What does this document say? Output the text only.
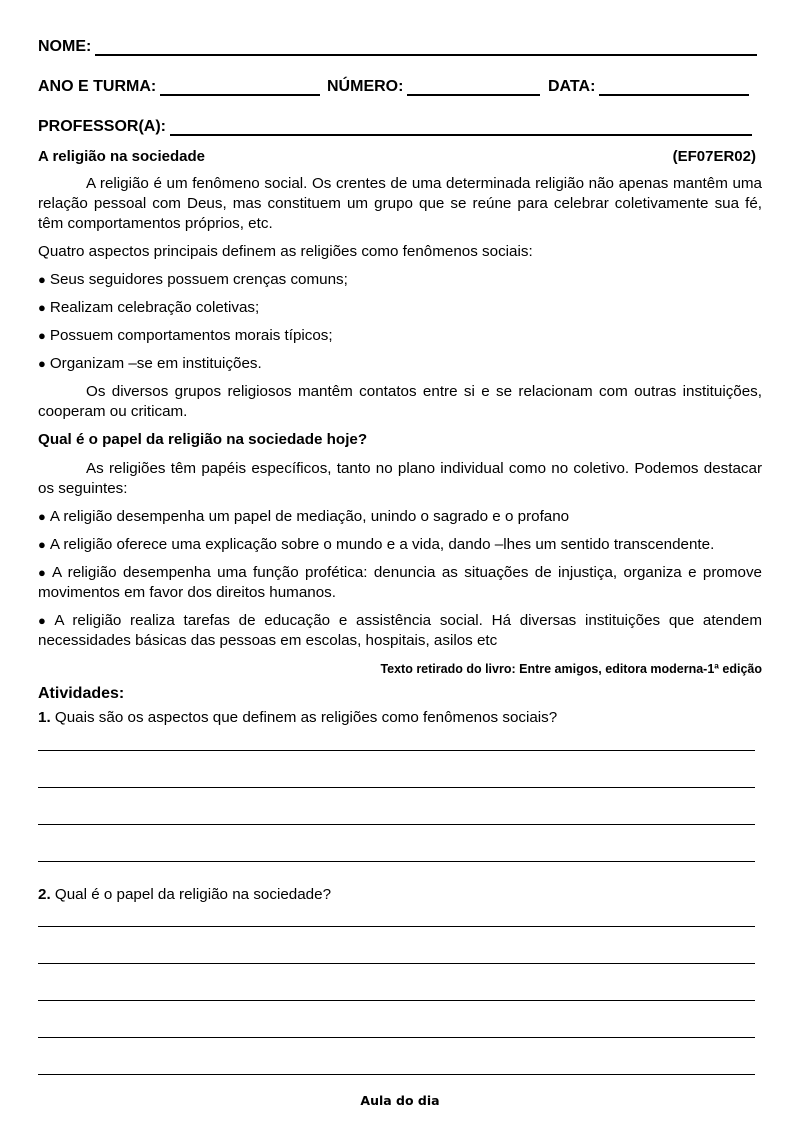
NOME:
ANO E TURMA:	NÚMERO:	DATA:
PROFESSOR(A):
A religião na sociedade	(EF07ER02)
A religião é um fenômeno social. Os crentes de uma determinada religião não apenas mantêm uma relação pessoal com Deus, mas constituem um grupo que se reúne para celebrar coletivamente sua fé, têm comportamentos próprios, etc.
Quatro aspectos principais definem as religiões como fenômenos sociais:
● Seus seguidores possuem crenças comuns;
● Realizam celebração coletivas;
● Possuem comportamentos morais típicos;
● Organizam –se em instituições.
Os diversos grupos religiosos mantêm contatos entre si e se relacionam com outras instituições, cooperam ou criticam.
Qual é o papel da religião na sociedade hoje?
As religiões têm papéis específicos, tanto no plano individual como no coletivo. Podemos destacar os seguintes:
● A religião desempenha um papel de mediação, unindo o sagrado e o profano
● A religião oferece uma explicação sobre o mundo e a vida, dando –lhes um sentido transcendente.
● A religião desempenha uma função profética: denuncia as situações de injustiça, organiza e promove movimentos em favor dos direitos humanos.
● A religião realiza tarefas de educação e assistência social. Há diversas instituições que atendem necessidades básicas das pessoas em escolas, hospitais, asilos etc
Texto retirado do livro: Entre amigos, editora moderna-1ª edição
Atividades:
1. Quais são os aspectos que definem as religiões como fenômenos sociais?
2. Qual é o papel da religião na sociedade?
Aula do dia
